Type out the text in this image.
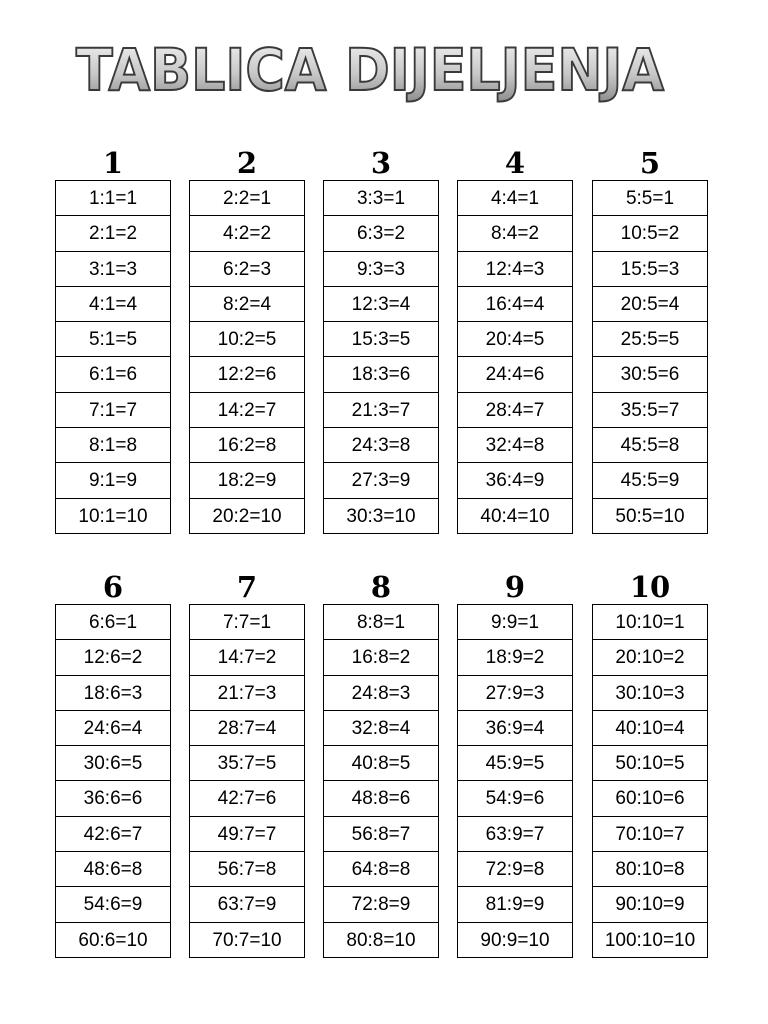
TABLICA DIJELJENJA
1
1:1=1
2:1=2
3:1=3
4:1=4
5:1=5
6:1=6
7:1=7
8:1=8
9:1=9
10:1=10
2
2:2=1
4:2=2
6:2=3
8:2=4
10:2=5
12:2=6
14:2=7
16:2=8
18:2=9
20:2=10
3
3:3=1
6:3=2
9:3=3
12:3=4
15:3=5
18:3=6
21:3=7
24:3=8
27:3=9
30:3=10
4
4:4=1
8:4=2
12:4=3
16:4=4
20:4=5
24:4=6
28:4=7
32:4=8
36:4=9
40:4=10
5
5:5=1
10:5=2
15:5=3
20:5=4
25:5=5
30:5=6
35:5=7
45:5=8
45:5=9
50:5=10
6
6:6=1
12:6=2
18:6=3
24:6=4
30:6=5
36:6=6
42:6=7
48:6=8
54:6=9
60:6=10
7
7:7=1
14:7=2
21:7=3
28:7=4
35:7=5
42:7=6
49:7=7
56:7=8
63:7=9
70:7=10
8
8:8=1
16:8=2
24:8=3
32:8=4
40:8=5
48:8=6
56:8=7
64:8=8
72:8=9
80:8=10
9
9:9=1
18:9=2
27:9=3
36:9=4
45:9=5
54:9=6
63:9=7
72:9=8
81:9=9
90:9=10
10
10:10=1
20:10=2
30:10=3
40:10=4
50:10=5
60:10=6
70:10=7
80:10=8
90:10=9
100:10=10
